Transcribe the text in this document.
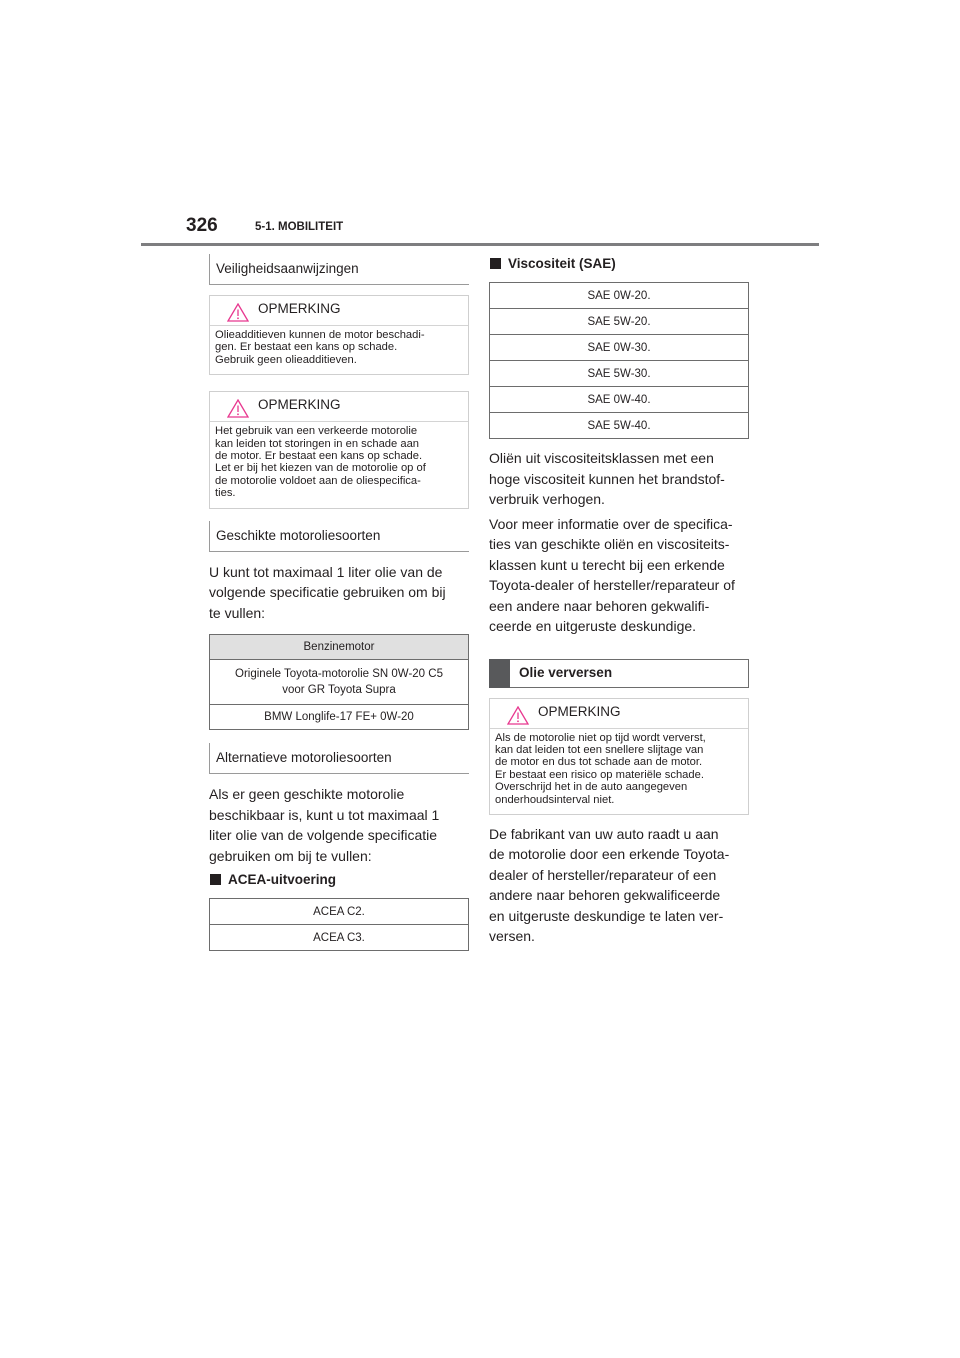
326	5-1. MOBILITEIT
Veiligheidsaanwijzingen
OPMERKING
Olieadditieven kunnen de motor beschadi-
gen. Er bestaat een kans op schade.
Gebruik geen olieadditieven.
OPMERKING
Het gebruik van een verkeerde motorolie
kan leiden tot storingen in en schade aan
de motor. Er bestaat een kans op schade.
Let er bij het kiezen van de motorolie op of
de motorolie voldoet aan de oliespecifica-
ties.
Geschikte motoroliesoorten

U kunt tot maximaal 1 liter olie van de

volgende specificatie gebruiken om bij

te vullen:

Benzinemotor

Originele Toyota-motorolie SN 0W-20 C5
voor GR Toyota Supra

BMW Longlife-17 FE+ 0W-20
Alternatieve motoroliesoorten

Als er geen geschikte motorolie

beschikbaar is, kunt u tot maximaal 1

liter olie van de volgende specificatie

gebruiken om bij te vullen:

ACEA-uitvoering
ACEA C2.
ACEA C3.
Viscositeit (SAE)
SAE 0W-20.
SAE 5W-20.
SAE 0W-30.
SAE 5W-30.
SAE 0W-40.
SAE 5W-40.

Oliën uit viscositeitsklassen met een

hoge viscositeit kunnen het brandstof-

verbruik verhogen.

Voor meer informatie over de specifica-

ties van geschikte oliën en viscositeits-

klassen kunt u terecht bij een erkende

Toyota-dealer of hersteller/reparateur of

een andere naar behoren gekwalifi-

ceerde en uitgeruste deskundige.

Olie verversen
OPMERKING
Als de motorolie niet op tijd wordt ververst,
kan dat leiden tot een snellere slijtage van
de motor en dus tot schade aan de motor.
Er bestaat een risico op materiële schade.
Overschrijd het in de auto aangegeven
onderhoudsinterval niet.

De fabrikant van uw auto raadt u aan

de motorolie door een erkende Toyota-

dealer of hersteller/reparateur of een

andere naar behoren gekwalificeerde

en uitgeruste deskundige te laten ver-

versen.
